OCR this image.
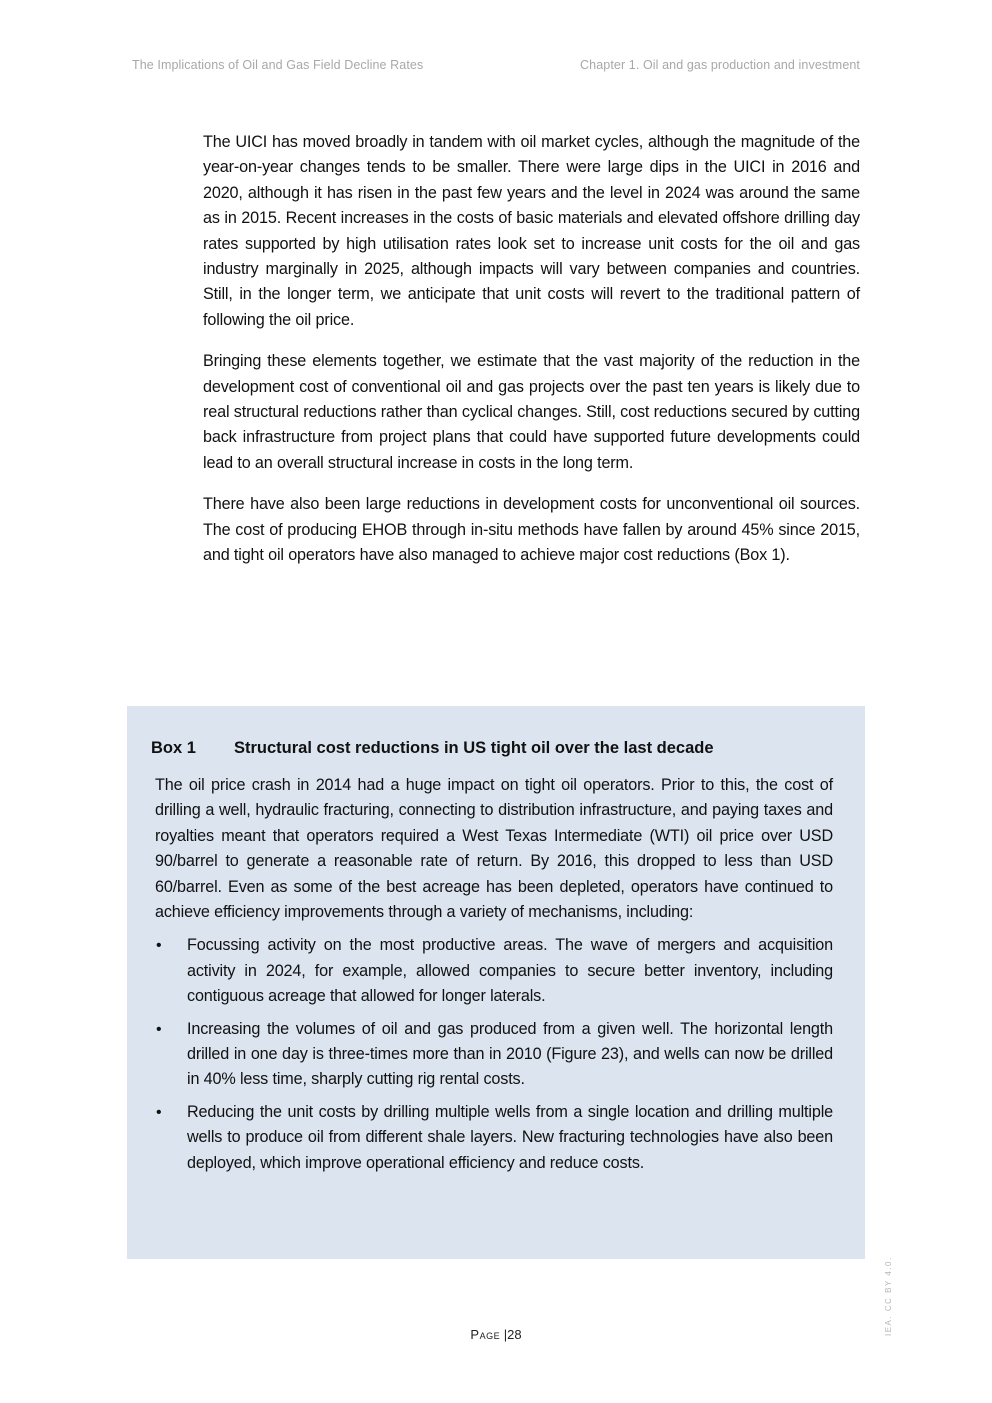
The Implications of Oil and Gas Field Decline Rates	Chapter 1. Oil and gas production and investment

The UICI has moved broadly in tandem with oil market cycles, although the magnitude of the year-on-year changes tends to be smaller. There were large dips in the UICI in 2016 and 2020, although it has risen in the past few years and the level in 2024 was around the same as in 2015. Recent increases in the costs of basic materials and elevated offshore drilling day rates supported by high utilisation rates look set to increase unit costs for the oil and gas industry marginally in 2025, although impacts will vary between companies and countries. Still, in the longer term, we anticipate that unit costs will revert to the traditional pattern of following the oil price.

Bringing these elements together, we estimate that the vast majority of the reduction in the development cost of conventional oil and gas projects over the past ten years is likely due to real structural reductions rather than cyclical changes. Still, cost reductions secured by cutting back infrastructure from project plans that could have supported future developments could lead to an overall structural increase in costs in the long term.

There have also been large reductions in development costs for unconventional oil sources. The cost of producing EHOB through in-situ methods have fallen by around 45% since 2015, and tight oil operators have also managed to achieve major cost reductions (Box 1).

Box 1	Structural cost reductions in US tight oil over the last decade

The oil price crash in 2014 had a huge impact on tight oil operators. Prior to this, the cost of drilling a well, hydraulic fracturing, connecting to distribution infrastructure, and paying taxes and royalties meant that operators required a West Texas Intermediate (WTI) oil price over USD 90/barrel to generate a reasonable rate of return. By 2016, this dropped to less than USD 60/barrel. Even as some of the best acreage has been depleted, operators have continued to achieve efficiency improvements through a variety of mechanisms, including:

•	Focussing activity on the most productive areas. The wave of mergers and acquisition activity in 2024, for example, allowed companies to secure better inventory, including contiguous acreage that allowed for longer laterals.
•	Increasing the volumes of oil and gas produced from a given well. The horizontal length drilled in one day is three-times more than in 2010 (Figure 23), and wells can now be drilled in 40% less time, sharply cutting rig rental costs.
•	Reducing the unit costs by drilling multiple wells from a single location and drilling multiple wells to produce oil from different shale layers. New fracturing technologies have also been deployed, which improve operational efficiency and reduce costs.
IEA. CC BY 4.0.
Page |28
